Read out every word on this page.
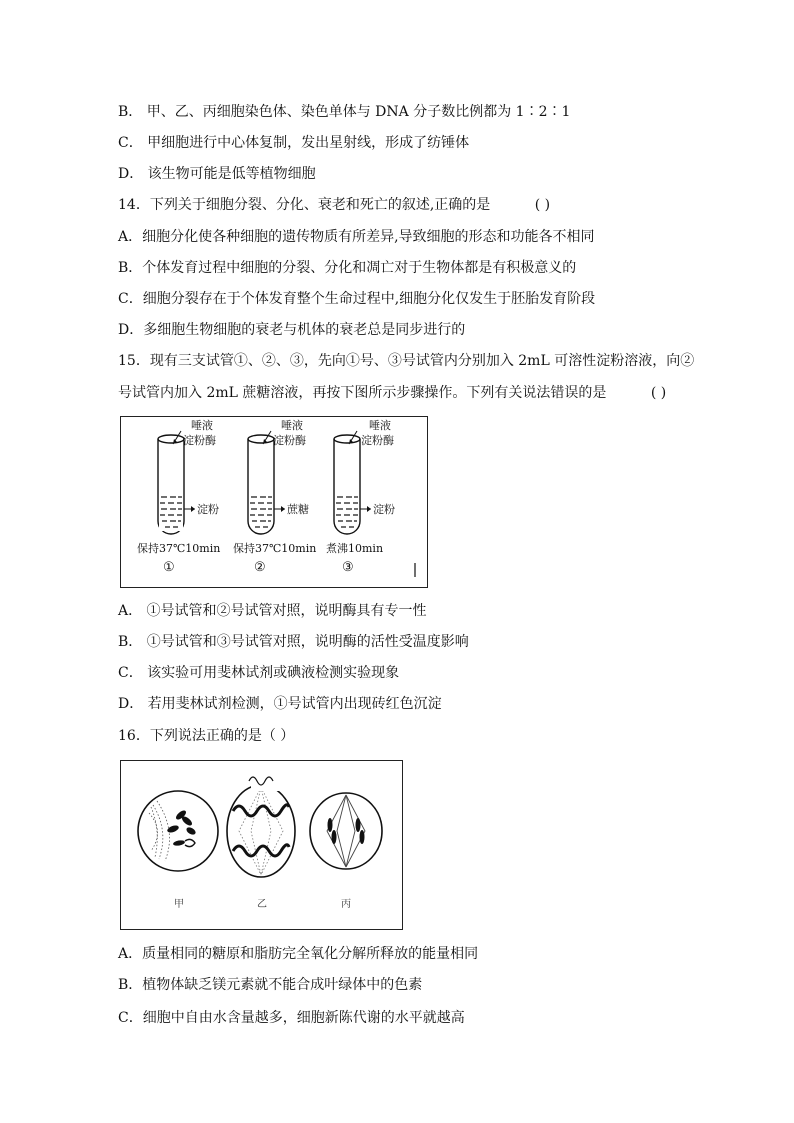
B． 甲、乙、丙细胞染色体、染色单体与 DNA 分子数比例都为 1∶2∶1
C． 甲细胞进行中心体复制，发出星射线，形成了纺锤体
D． 该生物可能是低等植物细胞
14．下列关于细胞分裂、分化、衰老和死亡的叙述,正确的是	( )
A．细胞分化使各种细胞的遗传物质有所差异,导致细胞的形态和功能各不相同
B．个体发育过程中细胞的分裂、分化和凋亡对于生物体都是有积极意义的
C．细胞分裂存在于个体发育整个生命过程中,细胞分化仅发生于胚胎发育阶段
D．多细胞生物细胞的衰老与机体的衰老总是同步进行的
15．现有三支试管①、②、③，先向①号、③号试管内分别加入 2mL 可溶性淀粉溶液，向②
号试管内加入 2mL 蔗糖溶液，再按下图所示步骤操作。下列有关说法错误的是	( )
唾液
淀粉酶
淀粉
保持37℃10min
①
唾液
淀粉酶
蔗糖
保持37℃10min
②
唾液
淀粉酶
淀粉
煮沸10min
③
A． ①号试管和②号试管对照，说明酶具有专一性
B． ①号试管和③号试管对照，说明酶的活性受温度影响
C． 该实验可用斐林试剂或碘液检测实验现象
D． 若用斐林试剂检测，①号试管内出现砖红色沉淀
16．下列说法正确的是（ ）
甲	乙	丙
A．质量相同的糖原和脂肪完全氧化分解所释放的能量相同
B．植物体缺乏镁元素就不能合成叶绿体中的色素
C．细胞中自由水含量越多，细胞新陈代谢的水平就越高
